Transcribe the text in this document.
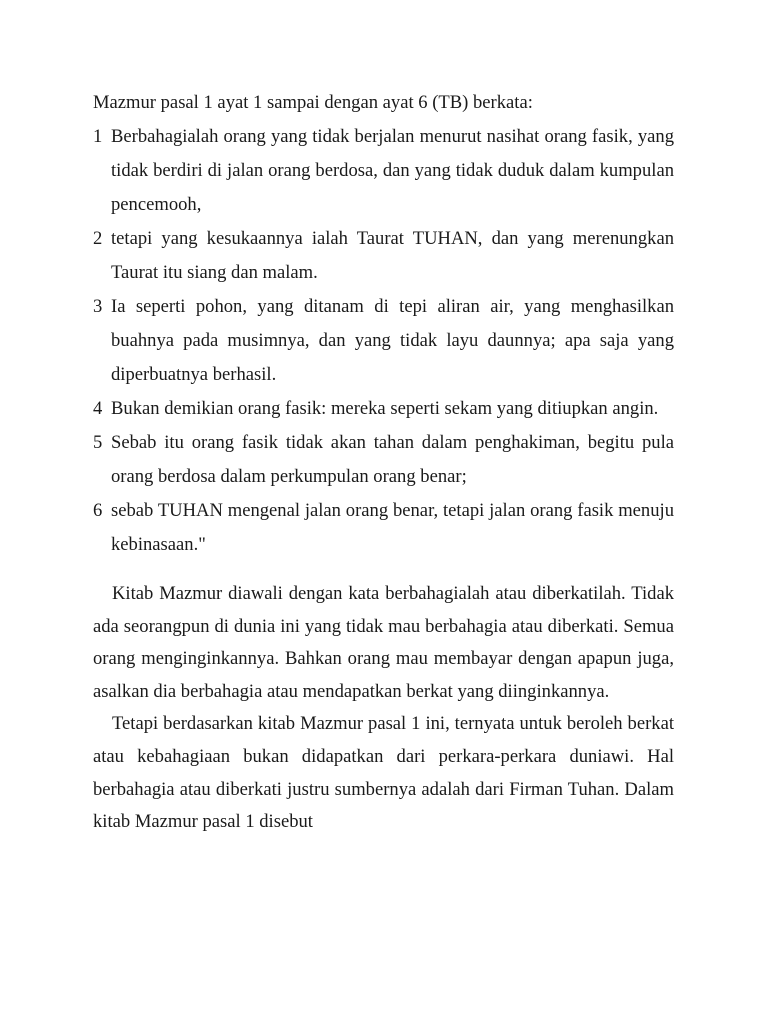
Mazmur pasal 1 ayat 1 sampai dengan ayat 6 (TB) berkata:

1 Berbahagialah orang yang tidak berjalan menurut nasihat orang fasik, yang tidak berdiri di jalan orang berdosa, dan yang tidak duduk dalam kumpulan pencemooh,
2 tetapi yang kesukaannya ialah Taurat TUHAN, dan yang merenungkan Taurat itu siang dan malam.
3 Ia seperti pohon, yang ditanam di tepi aliran air, yang menghasilkan buahnya pada musimnya, dan yang tidak layu daunnya; apa saja yang diperbuatnya berhasil.
4 Bukan demikian orang fasik: mereka seperti sekam yang ditiupkan angin.
5 Sebab itu orang fasik tidak akan tahan dalam penghakiman, begitu pula orang berdosa dalam perkumpulan orang benar;
6 sebab TUHAN mengenal jalan orang benar, tetapi jalan orang fasik menuju kebinasaan."

Kitab Mazmur diawali dengan kata berbahagialah atau diberkatilah. Tidak ada seorangpun di dunia ini yang tidak mau berbahagia atau diberkati. Semua orang menginginkannya. Bahkan orang mau membayar dengan apapun juga, asalkan dia berbahagia atau mendapatkan berkat yang diinginkannya.

Tetapi berdasarkan kitab Mazmur pasal 1 ini, ternyata untuk beroleh berkat atau kebahagiaan bukan didapatkan dari perkara-perkara duniawi. Hal berbahagia atau diberkati justru sumbernya adalah dari Firman Tuhan. Dalam kitab Mazmur pasal 1 disebut
